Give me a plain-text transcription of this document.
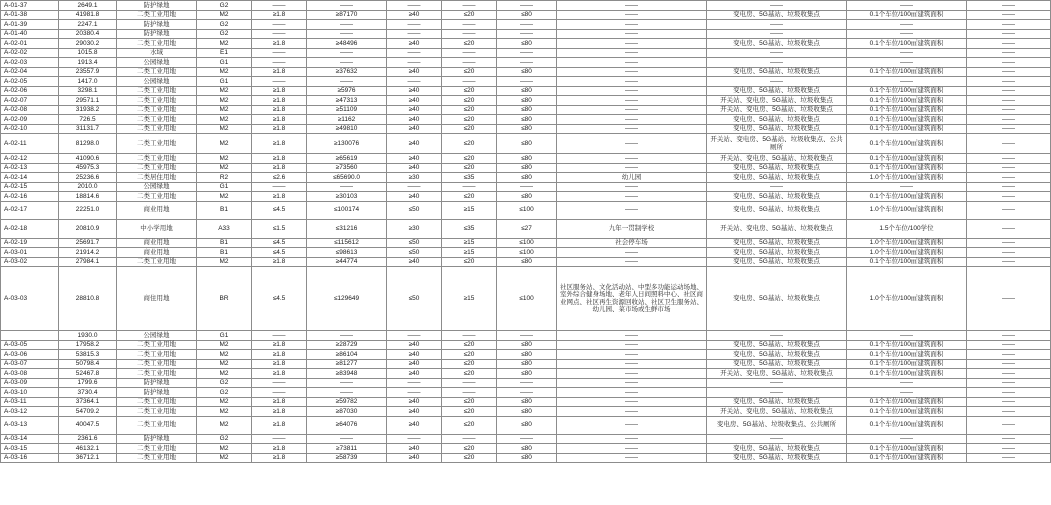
A-01-37	2649.1	防护绿地	G2	——	——	——	——	——	——	——	——	——
A-01-38	41981.8	二类工业用地	M2	≥1.8	≥87170	≥40	≤20	≤80	——	变电房、5G基站、垃圾收集点	0.1个车位/100㎡建筑面积	——
A-01-39	2247.1	防护绿地	G2	——	——	——	——	——	——	——	——	——
A-01-40	20380.4	防护绿地	G2	——	——	——	——	——	——	——	——	——
A-02-01	29030.2	二类工业用地	M2	≥1.8	≥48496	≥40	≤20	≤80	——	变电房、5G基站、垃圾收集点	0.1个车位/100㎡建筑面积	——
A-02-02	1015.8	水域	E1	——	——	——	——	——	——	——	——	——
A-02-03	1913.4	公园绿地	G1	——	——	——	——	——	——	——	——	——
A-02-04	23557.9	二类工业用地	M2	≥1.8	≥37632	≥40	≤20	≤80	——	变电房、5G基站、垃圾收集点	0.1个车位/100㎡建筑面积	——
A-02-05	1417.0	公园绿地	G1	——	——	——	——	——	——	——	——	——
A-02-06	3298.1	二类工业用地	M2	≥1.8	≥5976	≥40	≤20	≤80	——	变电房、5G基站、垃圾收集点	0.1个车位/100㎡建筑面积	——
A-02-07	29571.1	二类工业用地	M2	≥1.8	≥47313	≥40	≤20	≤80	——	开关站、变电房、5G基站、垃圾收集点	0.1个车位/100㎡建筑面积	——
A-02-08	31938.2	二类工业用地	M2	≥1.8	≥51109	≥40	≤20	≤80	——	开关站、变电房、5G基站、垃圾收集点	0.1个车位/100㎡建筑面积	——
A-02-09	726.5	二类工业用地	M2	≥1.8	≥1162	≥40	≤20	≤80	——	变电房、5G基站、垃圾收集点	0.1个车位/100㎡建筑面积	——
A-02-10	31131.7	二类工业用地	M2	≥1.8	≥49810	≥40	≤20	≤80	——	变电房、5G基站、垃圾收集点	0.1个车位/100㎡建筑面积	——
A-02-11	81298.0	二类工业用地	M2	≥1.8	≥130076	≥40	≤20	≤80	——	开关站、变电房、5G基站、垃圾收集点、公共厕所	0.1个车位/100㎡建筑面积	——
A-02-12	41090.6	二类工业用地	M2	≥1.8	≥65619	≥40	≤20	≤80	——	开关站、变电房、5G基站、垃圾收集点	0.1个车位/100㎡建筑面积	——
A-02-13	45975.3	二类工业用地	M2	≥1.8	≥73560	≥40	≤20	≤80	——	变电房、5G基站、垃圾收集点	0.1个车位/100㎡建筑面积	——
A-02-14	25236.6	二类居住用地	R2	≤2.6	≤65690.0	≥30	≤35	≤80	幼儿园	变电房、5G基站、垃圾收集点	1.0个车位/100㎡建筑面积	——
A-02-15	2010.0	公园绿地	G1	——	——	——	——	——	——	——	——	——
A-02-16	18814.6	二类工业用地	M2	≥1.8	≥30103	≥40	≤20	≤80	——	变电房、5G基站、垃圾收集点	0.1个车位/100㎡建筑面积	——
A-02-17	22251.0	商业用地	B1	≤4.5	≤100174	≤50	≥15	≤100	——	变电房、5G基站、垃圾收集点	1.0个车位/100㎡建筑面积	——
A-02-18	20810.9	中小学用地	A33	≤1.5	≤31216	≥30	≤35	≤27	九年一贯制学校	开关站、变电房、5G基站、垃圾收集点	1.5个车位/100学位	——
A-02-19	25691.7	商业用地	B1	≤4.5	≤115612	≤50	≥15	≤100	社会停车场	变电房、5G基站、垃圾收集点	1.0个车位/100㎡建筑面积	——
A-03-01	21914.2	商业用地	B1	≤4.5	≤98613	≤50	≥15	≤100	——	变电房、5G基站、垃圾收集点	1.0个车位/100㎡建筑面积	——
A-03-02	27984.1	二类工业用地	M2	≥1.8	≥44774	≥40	≤20	≤80	——	变电房、5G基站、垃圾收集点	0.1个车位/100㎡建筑面积	——
A-03-03	28810.8	商住用地	BR	≤4.5	≤129649	≤50	≥15	≤100	社区服务站、文化活动站、中型多功能运动场地、室外综合健身场地、老年人日间照料中心、社区商业网点、社区再生资源回收站、社区卫生服务站、幼儿园、菜市场或生鲜市场	变电房、5G基站、垃圾收集点	1.0个车位/100㎡建筑面积	——
	1930.0	公园绿地	G1	——	——	——	——	——	——	——	——	——
A-03-05	17958.2	二类工业用地	M2	≥1.8	≥28729	≥40	≤20	≤80	——	变电房、5G基站、垃圾收集点	0.1个车位/100㎡建筑面积	——
A-03-06	53815.3	二类工业用地	M2	≥1.8	≥86104	≥40	≤20	≤80	——	变电房、5G基站、垃圾收集点	0.1个车位/100㎡建筑面积	——
A-03-07	50798.4	二类工业用地	M2	≥1.8	≥81277	≥40	≤20	≤80	——	变电房、5G基站、垃圾收集点	0.1个车位/100㎡建筑面积	——
A-03-08	52467.8	二类工业用地	M2	≥1.8	≥83948	≥40	≤20	≤80	——	开关站、变电房、5G基站、垃圾收集点	0.1个车位/100㎡建筑面积	——
A-03-09	1799.6	防护绿地	G2	——	——	——	——	——	——	——	——	——
A-03-10	3730.4	防护绿地	G2	——	——	——	——	——	——	——	——	——
A-03-11	37364.1	二类工业用地	M2	≥1.8	≥59782	≥40	≤20	≤80	——	变电房、5G基站、垃圾收集点	0.1个车位/100㎡建筑面积	——
A-03-12	54709.2	二类工业用地	M2	≥1.8	≥87030	≥40	≤20	≤80	——	开关站、变电房、5G基站、垃圾收集点	0.1个车位/100㎡建筑面积	——
A-03-13	40047.5	二类工业用地	M2	≥1.8	≥64076	≥40	≤20	≤80	——	变电房、5G基站、垃圾收集点、公共厕所	0.1个车位/100㎡建筑面积	——
A-03-14	2361.6	防护绿地	G2	——	——	——	——	——	——	——	——	——
A-03-15	46132.1	二类工业用地	M2	≥1.8	≥73811	≥40	≤20	≤80	——	变电房、5G基站、垃圾收集点	0.1个车位/100㎡建筑面积	——
A-03-16	36712.1	二类工业用地	M2	≥1.8	≥58739	≥40	≤20	≤80	——	变电房、5G基站、垃圾收集点	0.1个车位/100㎡建筑面积	——
